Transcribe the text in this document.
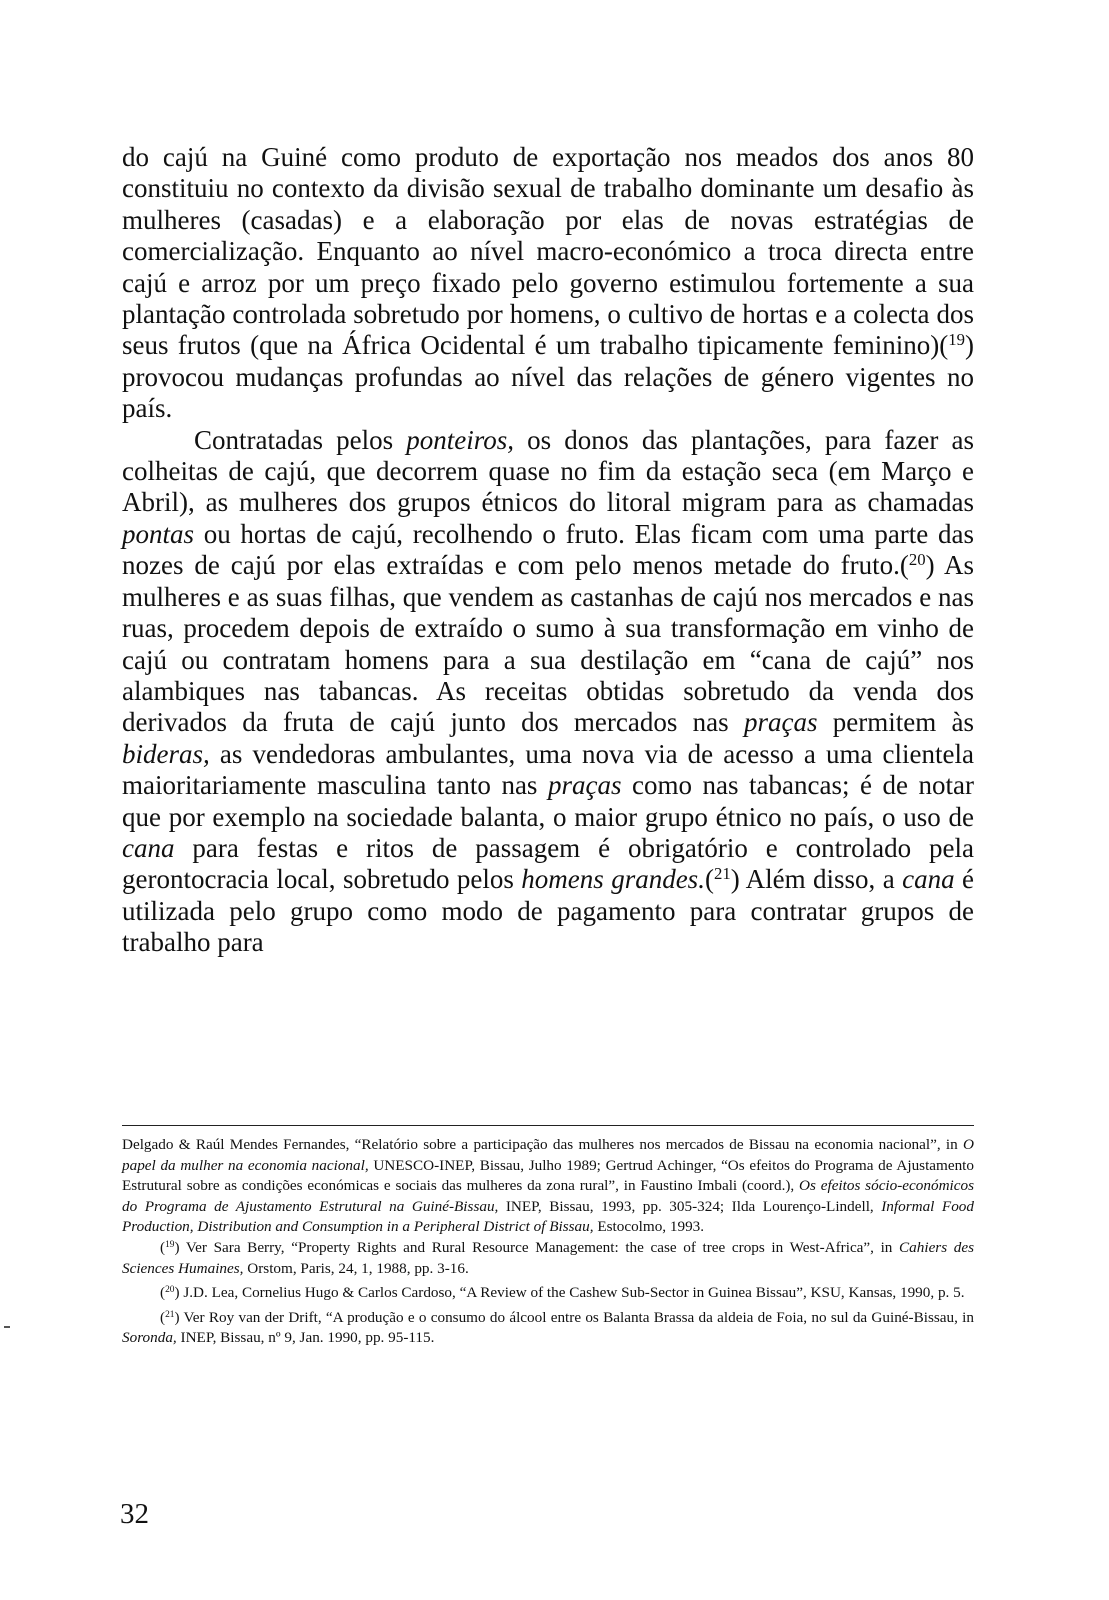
do cajú na Guiné como produto de exportação nos meados dos anos 80 constituiu no contexto da divisão sexual de trabalho dominante um desafio às mulheres (casadas) e a elaboração por elas de novas estratégias de comercialização. Enquanto ao nível macro-económico a troca directa entre cajú e arroz por um preço fixado pelo governo estimulou fortemente a sua plantação controlada sobretudo por homens, o cultivo de hortas e a colecta dos seus frutos (que na África Ocidental é um trabalho tipicamente feminino)($^{19}$) provocou mudanças profundas ao nível das relações de género vigentes no país.

Contratadas pelos ponteiros, os donos das plantações, para fazer as colheitas de cajú, que decorrem quase no fim da estação seca (em Março e Abril), as mulheres dos grupos étnicos do litoral migram para as chamadas pontas ou hortas de cajú, recolhendo o fruto. Elas ficam com uma parte das nozes de cajú por elas extraídas e com pelo menos metade do fruto.($^{20}$) As mulheres e as suas filhas, que vendem as castanhas de cajú nos mercados e nas ruas, procedem depois de extraído o sumo à sua transformação em vinho de cajú ou contratam homens para a sua destilação em “cana de cajú” nos alambiques nas tabancas. As receitas obtidas sobretudo da venda dos derivados da fruta de cajú junto dos mercados nas praças permitem às bideras, as vendedoras ambulantes, uma nova via de acesso a uma clientela maioritariamente masculina tanto nas praças como nas tabancas; é de notar que por exemplo na sociedade balanta, o maior grupo étnico no país, o uso de cana para festas e ritos de passagem é obrigatório e controlado pela gerontocracia local, sobretudo pelos homens grandes.($^{21}$) Além disso, a cana é utilizada pelo grupo como modo de pagamento para contratar grupos de trabalho para

Delgado & Raúl Mendes Fernandes, “Relatório sobre a participação das mulheres nos mercados de Bissau na economia nacional”, in O papel da mulher na economia nacional, UNESCO-INEP, Bissau, Julho 1989; Gertrud Achinger, “Os efeitos do Programa de Ajustamento Estrutural sobre as condições económicas e sociais das mulheres da zona rural”, in Faustino Imbali (coord.), Os efeitos sócio-económicos do Programa de Ajustamento Estrutural na Guiné-Bissau, INEP, Bissau, 1993, pp. 305-324; Ilda Lourenço-Lindell, Informal Food Production, Distribution and Consumption in a Peripheral District of Bissau, Estocolmo, 1993.

($^{19}$) Ver Sara Berry, “Property Rights and Rural Resource Management: the case of tree crops in West-Africa”, in Cahiers des Sciences Humaines, Orstom, Paris, 24, 1, 1988, pp. 3-16.

($^{20}$) J.D. Lea, Cornelius Hugo & Carlos Cardoso, “A Review of the Cashew Sub-Sector in Guinea Bissau”, KSU, Kansas, 1990, p. 5.

($^{21}$) Ver Roy van der Drift, “A produção e o consumo do álcool entre os Balanta Brassa da aldeia de Foia, no sul da Guiné-Bissau, in Soronda, INEP, Bissau, nº 9, Jan. 1990, pp. 95-115.

32
